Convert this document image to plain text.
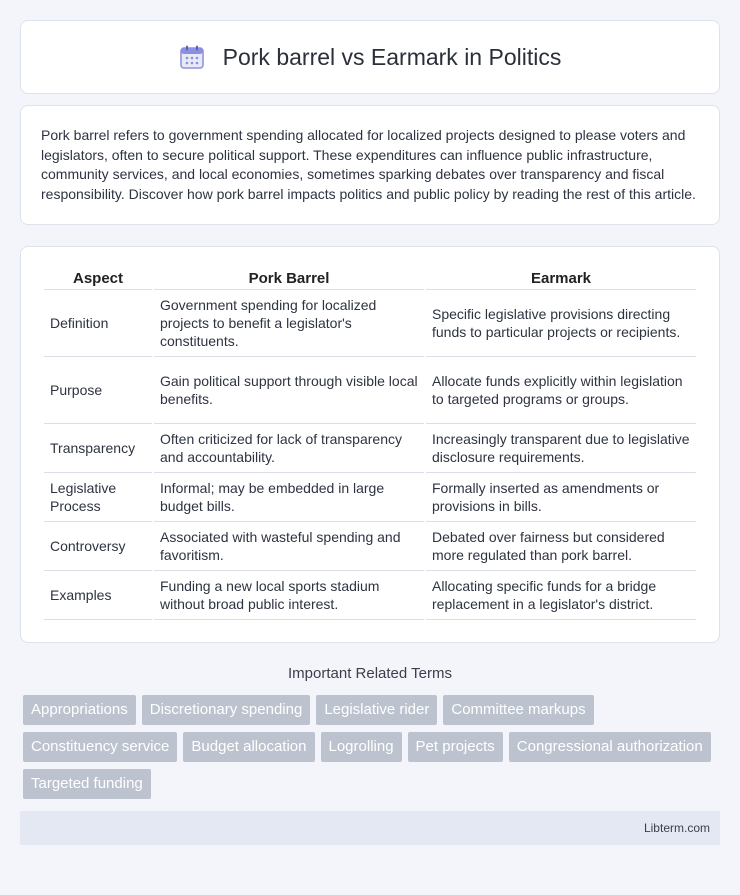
Pork barrel vs Earmark in Politics

Pork barrel refers to government spending allocated for localized projects designed to please voters and legislators, often to secure political support. These expenditures can influence public infrastructure, community services, and local economies, sometimes sparking debates over transparency and fiscal responsibility. Discover how pork barrel impacts politics and public policy by reading the rest of this article.

Aspect	Pork Barrel	Earmark
Definition	Government spending for localized projects to benefit a legislator's constituents.	Specific legislative provisions directing funds to particular projects or recipients.
Purpose	Gain political support through visible local benefits.	Allocate funds explicitly within legislation to targeted programs or groups.
Transparency	Often criticized for lack of transparency and accountability.	Increasingly transparent due to legislative disclosure requirements.
Legislative Process	Informal; may be embedded in large budget bills.	Formally inserted as amendments or provisions in bills.
Controversy	Associated with wasteful spending and favoritism.	Debated over fairness but considered more regulated than pork barrel.
Examples	Funding a new local sports stadium without broad public interest.	Allocating specific funds for a bridge replacement in a legislator's district.
Important Related Terms
Appropriations	Discretionary spending	Legislative rider	Committee markups
Constituency service	Budget allocation	Logrolling	Pet projects	Congressional authorization
Targeted funding
Libterm.com
